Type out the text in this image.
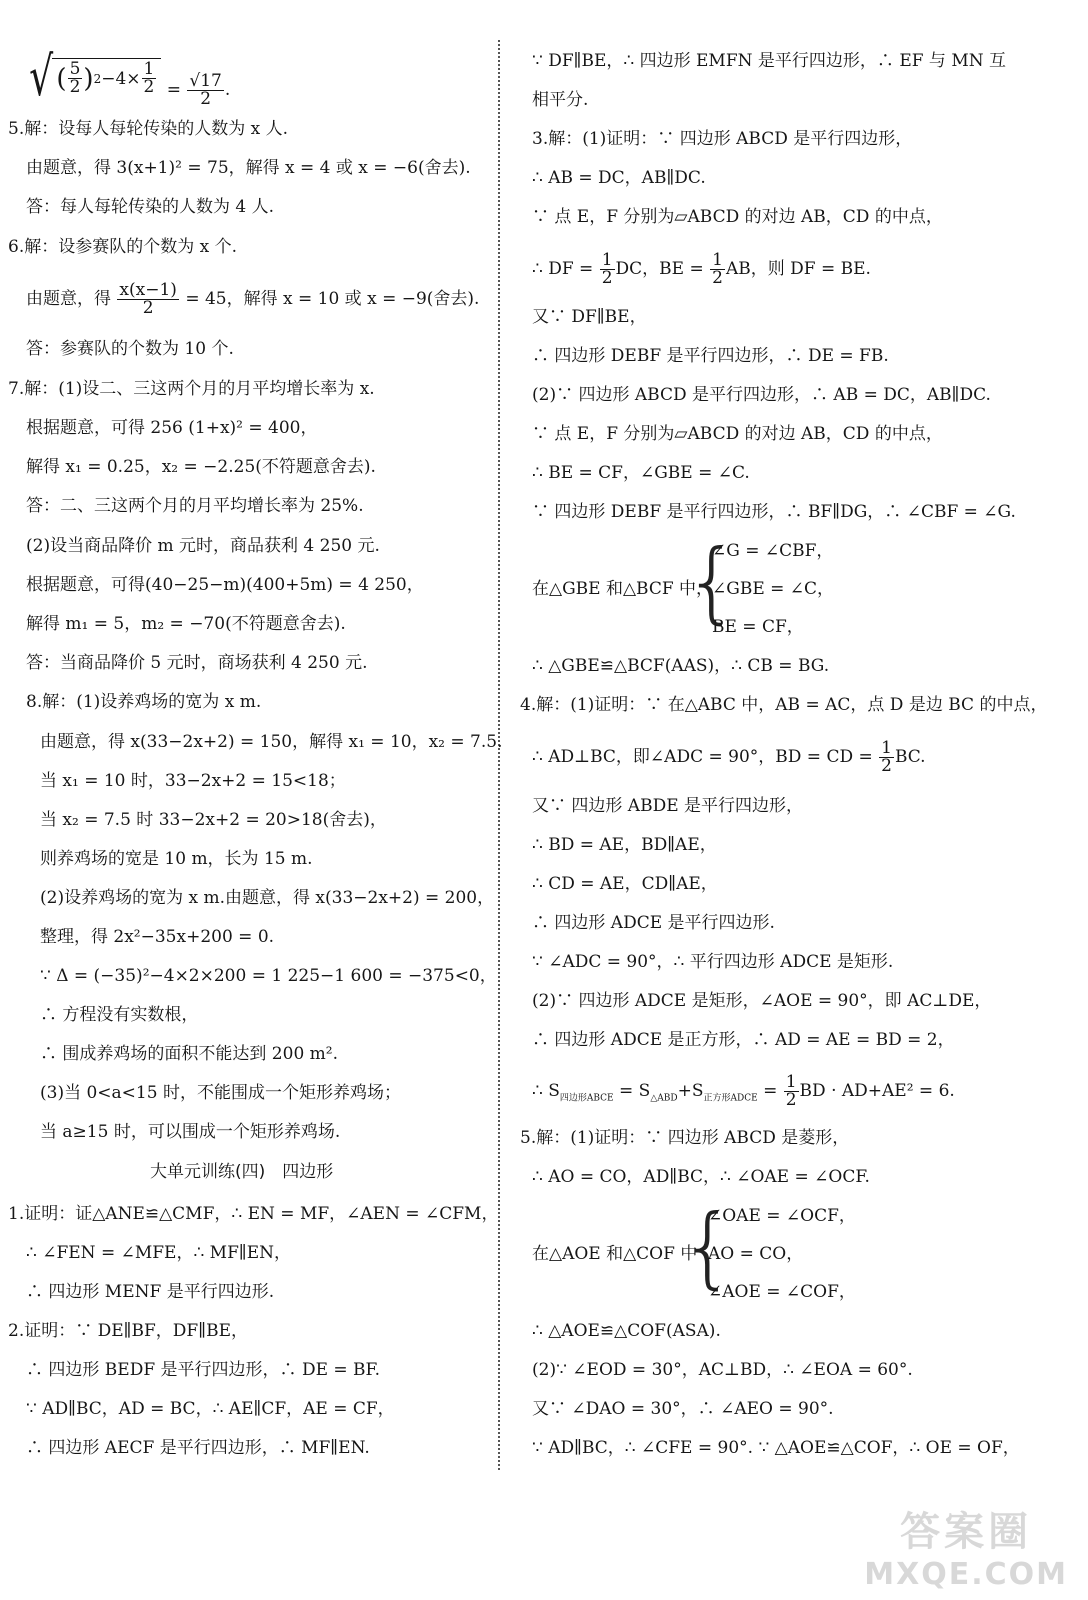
√ ( $\frac{5}{2}$ ) $2 -4\times \frac{1}{2} = \frac{√17}{2}$ .
5.解：设每人每轮传染的人数为 x 人.
由题意，得 3(x+1)² = 75，解得 x = 4 或 x = −6(舍去).
答：每人每轮传染的人数为 4 人.
6.解：设参赛队的个数为 x 个.
由题意，得 $\frac{x(x-1)}{2} = 45$，解得 x = 10 或 x = −9(舍去).
答：参赛队的个数为 10 个.
7.解：(1)设二、三这两个月的月平均增长率为 x.
根据题意，可得 256 (1+x)² = 400，
解得 x₁ = 0.25，x₂ = −2.25(不符题意舍去).
答：二、三这两个月的月平均增长率为 25%.
(2)设当商品降价 m 元时，商品获利 4 250 元.
根据题意，可得(40−25−m)(400+5m) = 4 250，
解得 m₁ = 5，m₂ = −70(不符题意舍去).
答：当商品降价 5 元时，商场获利 4 250 元.
8.解：(1)设养鸡场的宽为 x m.
由题意，得 x(33−2x+2) = 150，解得 x₁ = 10，x₂ = 7.5.
当 x₁ = 10 时，33−2x+2 = 15<18；
当 x₂ = 7.5 时 33−2x+2 = 20>18(舍去)，
则养鸡场的宽是 10 m，长为 15 m.
(2)设养鸡场的宽为 x m.由题意，得 x(33−2x+2) = 200，
整理，得 2x²−35x+200 = 0.
∵ Δ = (−35)²−4×2×200 = 1 225−1 600 = −375<0，
∴ 方程没有实数根，
∴ 围成养鸡场的面积不能达到 200 m².
(3)当 0<a<15 时，不能围成一个矩形养鸡场；
当 a≥15 时，可以围成一个矩形养鸡场.
大单元训练(四)　四边形
1.证明：证△ANE≌△CMF，∴ EN = MF，∠AEN = ∠CFM，
∴ ∠FEN = ∠MFE，∴ MF∥EN，
∴ 四边形 MENF 是平行四边形.
2.证明：∵ DE∥BF，DF∥BE，
∴ 四边形 BEDF 是平行四边形，∴ DE = BF.
∵ AD∥BC，AD = BC，∴ AE∥CF，AE = CF，
∴ 四边形 AECF 是平行四边形，∴ MF∥EN.
∵ DF∥BE，∴ 四边形 EMFN 是平行四边形，∴ EF 与 MN 互
相平分.
3.解：(1)证明：∵ 四边形 ABCD 是平行四边形，
∴ AB = DC，AB∥DC.
∵ 点 E，F 分别为▱ABCD 的对边 AB，CD 的中点，
∴ DF = $\frac{1}{2}$ DC，BE = $\frac{1}{2}$ AB，则 DF = BE.
又∵ DF∥BE，
∴ 四边形 DEBF 是平行四边形，∴ DE = FB.
(2)∵ 四边形 ABCD 是平行四边形，∴ AB = DC，AB∥DC.
∵ 点 E，F 分别为▱ABCD 的对边 AB，CD 的中点，
∴ BE = CF，∠GBE = ∠C.
∵ 四边形 DEBF 是平行四边形，∴ BF∥DG，∴ ∠CBF = ∠G.
在△GBE 和△BCF 中，
{
∠G = ∠CBF，
∠GBE = ∠C，
BE = CF，
∴ △GBE≌△BCF(AAS)，∴ CB = BG.
4.解：(1)证明：∵ 在△ABC 中，AB = AC，点 D 是边 BC 的中点，
∴ AD⊥BC，即∠ADC = 90°，BD = CD = $\frac{1}{2}$ BC.
又∵ 四边形 ABDE 是平行四边形，
∴ BD = AE，BD∥AE，
∴ CD = AE，CD∥AE，
∴ 四边形 ADCE 是平行四边形.
∵ ∠ADC = 90°，∴ 平行四边形 ADCE 是矩形.
(2)∵ 四边形 ADCE 是矩形，∠AOE = 90°，即 AC⊥DE，
∴ 四边形 ADCE 是正方形，∴ AD = AE = BD = 2，
∴ $S_{四边形ABCE} = S_{\triangle ABD}+S_{正方形ADCE} = \frac{1}{2}$ BD · AD+AE² = 6.
5.解：(1)证明：∵ 四边形 ABCD 是菱形，
∴ AO = CO，AD∥BC，∴ ∠OAE = ∠OCF.
在△AOE 和△COF 中
{
∠OAE = ∠OCF，
AO = CO，
∠AOE = ∠COF，
∴ △AOE≌△COF(ASA).
(2)∵ ∠EOD = 30°，AC⊥BD，∴ ∠EOA = 60°.
又∵ ∠DAO = 30°，∴ ∠AEO = 90°.
∵ AD∥BC，∴ ∠CFE = 90°. ∵ △AOE≌△COF，∴ OE = OF，
答案圈
MXQE.COM
